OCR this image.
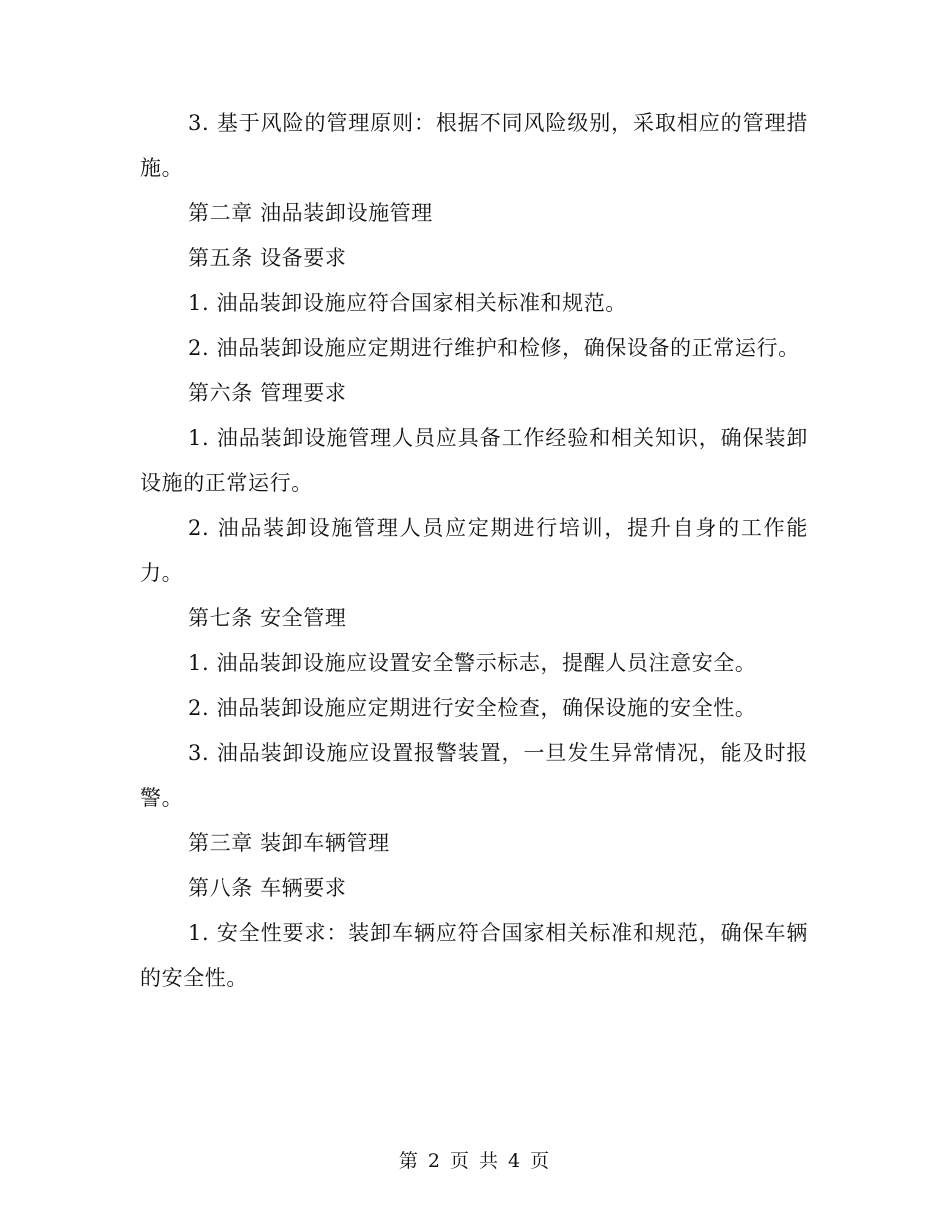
3. 基于风险的管理原则：根据不同风险级别，采取相应的管理措施。

第二章 油品装卸设施管理

第五条 设备要求

1. 油品装卸设施应符合国家相关标准和规范。

2. 油品装卸设施应定期进行维护和检修，确保设备的正常运行。

第六条 管理要求

1. 油品装卸设施管理人员应具备工作经验和相关知识，确保装卸设施的正常运行。

2. 油品装卸设施管理人员应定期进行培训，提升自身的工作能力。

第七条 安全管理

1. 油品装卸设施应设置安全警示标志，提醒人员注意安全。

2. 油品装卸设施应定期进行安全检查，确保设施的安全性。

3. 油品装卸设施应设置报警装置，一旦发生异常情况，能及时报警。

第三章 装卸车辆管理

第八条 车辆要求

1. 安全性要求：装卸车辆应符合国家相关标准和规范，确保车辆的安全性。

第 2 页 共 4 页
